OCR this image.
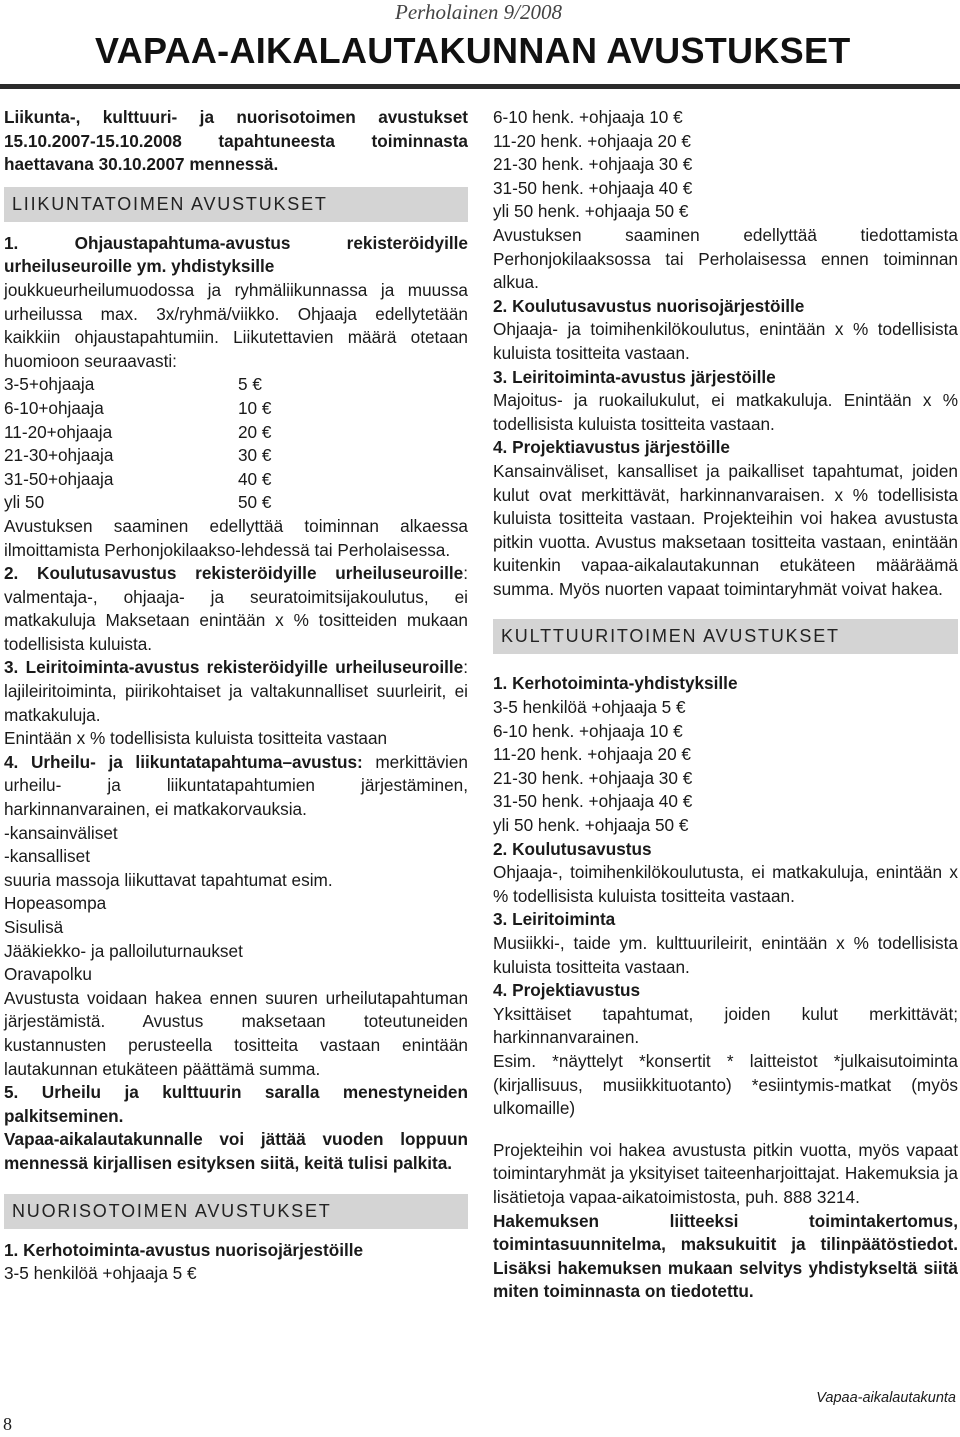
Perholainen 9/2008
VAPAA-AIKALAUTAKUNNAN AVUSTUKSET

Liikunta-, kulttuuri- ja nuorisotoimen avustukset 15.10.2007-15.10.2008 tapahtuneesta toiminnasta haettavana 30.10.2007 mennessä.

LIIKUNTATOIMEN AVUSTUKSET

1. Ohjaustapahtuma-avustus rekisteröidyille urheiluseuroille ym. yhdistyksille

joukkueurheilumuodossa ja ryhmäliikunnassa ja muussa urheilussa max. 3x/ryhmä/viikko. Ohjaaja edellytetään kaikkiin ohjaustapahtumiin. Liikutettavien määrä otetaan huomioon seuraavasti:

3-5+ohjaaja	5 €
6-10+ohjaaja	10 €
11-20+ohjaaja	20 €
21-30+ohjaaja	30 €
31-50+ohjaaja	40 €
yli 50	50 €

Avustuksen saaminen edellyttää toiminnan alkaessa ilmoittamista Perhonjokilaakso-lehdessä tai Perholaisessa.

2. Koulutusavustus rekisteröidyille urheiluseuroille: valmentaja-, ohjaaja- ja seuratoimitsijakoulutus, ei matkakuluja Maksetaan enintään x % tositteiden mukaan todellisista kuluista.

3. Leiritoiminta-avustus rekisteröidyille urheiluseuroille: lajileiritoiminta, piirikohtaiset ja valtakunnalliset suurleirit, ei matkakuluja.

Enintään x % todellisista kuluista tositteita vastaan

4. Urheilu- ja liikuntatapahtuma–avustus: merkittävien urheilu- ja liikuntatapahtumien järjestäminen, harkinnanvarainen, ei matkakorvauksia.

-kansainväliset

-kansalliset

suuria massoja liikuttavat tapahtumat esim.

Hopeasompa

Sisulisä

Jääkiekko- ja palloiluturnaukset

Oravapolku

Avustusta voidaan hakea ennen suuren urheilutapahtuman järjestämistä. Avustus maksetaan toteutuneiden kustannusten perusteella tositteita vastaan enintään lautakunnan etukäteen päättämä summa.

5. Urheilu ja kulttuurin saralla menestyneiden palkitseminen.

Vapaa-aikalautakunnalle voi jättää vuoden loppuun mennessä kirjallisen esityksen siitä, keitä tulisi palkita.

NUORISOTOIMEN AVUSTUKSET

1. Kerhotoiminta-avustus nuorisojärjestöille

3-5 henkilöä +ohjaaja 5 €

6-10 henk. +ohjaaja 10 €

11-20 henk. +ohjaaja 20 €

21-30 henk. +ohjaaja 30 €

31-50 henk. +ohjaaja 40 €

yli 50 henk. +ohjaaja 50 €

Avustuksen saaminen edellyttää tiedottamista Perhonjokilaaksossa tai Perholaisessa ennen toiminnan alkua.

2. Koulutusavustus nuorisojärjestöille

Ohjaaja- ja toimihenkilökoulutus, enintään x % todellisista kuluista tositteita vastaan.

3. Leiritoiminta-avustus järjestöille

Majoitus- ja ruokailukulut, ei matkakuluja. Enintään x % todellisista kuluista tositteita vastaan.

4. Projektiavustus järjestöille

Kansainväliset, kansalliset ja paikalliset tapahtumat, joiden kulut ovat merkittävät, harkinnanvaraisen. x % todellisista kuluista tositteita vastaan. Projekteihin voi hakea avustusta pitkin vuotta. Avustus maksetaan tositteita vastaan, enintään kuitenkin vapaa-aikalautakunnan etukäteen määräämä summa. Myös nuorten vapaat toimintaryhmät voivat hakea.

KULTTUURITOIMEN AVUSTUKSET

1. Kerhotoiminta-yhdistyksille

3-5 henkilöä +ohjaaja 5 €

6-10 henk. +ohjaaja 10 €

11-20 henk. +ohjaaja 20 €

21-30 henk. +ohjaaja 30 €

31-50 henk. +ohjaaja 40 €

yli 50 henk. +ohjaaja 50 €

2. Koulutusavustus

Ohjaaja-, toimihenkilökoulutusta, ei matkakuluja, enintään x % todellisista kuluista tositteita vastaan.

3. Leiritoiminta

Musiikki-, taide ym. kulttuurileirit, enintään x % todellisista kuluista tositteita vastaan.

4. Projektiavustus

Yksittäiset tapahtumat, joiden kulut merkittävät; harkinnanvarainen.

Esim. *näyttelyt *konsertit * laitteistot *julkaisutoiminta (kirjallisuus, musiikkituotanto) *esiintymis-matkat (myös ulkomaille)

Projekteihin voi hakea avustusta pitkin vuotta, myös vapaat toimintaryhmät ja yksityiset taiteenharjoittajat. Hakemuksia ja lisätietoja vapaa-aikatoimistosta, puh. 888 3214.

Hakemuksen liitteeksi toimintakertomus, toimintasuunnitelma, maksukuitit ja tilinpäätöstiedot. Lisäksi hakemuksen mukaan selvitys yhdistykseltä siitä miten toiminnasta on tiedotettu.

8
Vapaa-aikalautakunta
